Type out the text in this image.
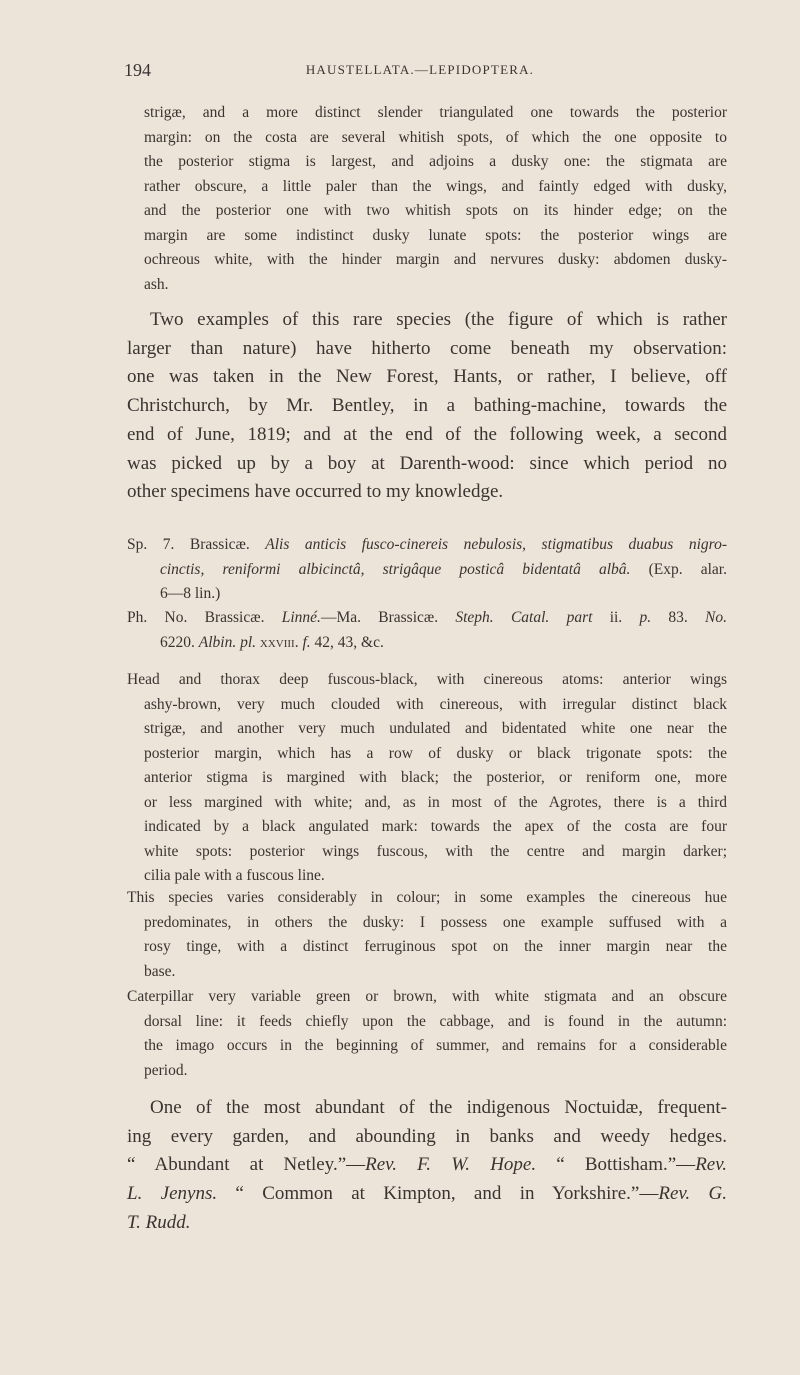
194	HAUSTELLATA.—LEPIDOPTERA.
strigæ, and a more distinct slender triangulated one towards the posterior
margin: on the costa are several whitish spots, of which the one opposite to
the posterior stigma is largest, and adjoins a dusky one: the stigmata are
rather obscure, a little paler than the wings, and faintly edged with dusky,
and the posterior one with two whitish spots on its hinder edge; on the
margin are some indistinct dusky lunate spots: the posterior wings are
ochreous white, with the hinder margin and nervures dusky: abdomen dusky-
ash.
Two examples of this rare species (the figure of which is rather
larger than nature) have hitherto come beneath my observation:
one was taken in the New Forest, Hants, or rather, I believe, off
Christchurch, by Mr. Bentley, in a bathing-machine, towards the
end of June, 1819; and at the end of the following week, a second
was picked up by a boy at Darenth-wood: since which period no
other specimens have occurred to my knowledge.
Sp. 7. Brassicæ. Alis anticis fusco-cinereis nebulosis, stigmatibus duabus nigro-
cinctis, reniformi albicinctâ, strigâque posticâ bidentatâ albâ. (Exp. alar.
6—8 lin.)
Ph. No. Brassicæ. Linné.—Ma. Brassicæ. Steph. Catal. part ii. p. 83. No.
6220. Albin. pl. xxviii. f. 42, 43, &c.
Head and thorax deep fuscous-black, with cinereous atoms: anterior wings
ashy-brown, very much clouded with cinereous, with irregular distinct black
strigæ, and another very much undulated and bidentated white one near the
posterior margin, which has a row of dusky or black trigonate spots: the
anterior stigma is margined with black; the posterior, or reniform one, more
or less margined with white; and, as in most of the Agrotes, there is a third
indicated by a black angulated mark: towards the apex of the costa are four
white spots: posterior wings fuscous, with the centre and margin darker;
cilia pale with a fuscous line.
This species varies considerably in colour; in some examples the cinereous hue
predominates, in others the dusky: I possess one example suffused with a
rosy tinge, with a distinct ferruginous spot on the inner margin near the
base.
Caterpillar very variable green or brown, with white stigmata and an obscure
dorsal line: it feeds chiefly upon the cabbage, and is found in the autumn:
the imago occurs in the beginning of summer, and remains for a considerable
period.
One of the most abundant of the indigenous Noctuidæ, frequent-
ing every garden, and abounding in banks and weedy hedges.
“ Abundant at Netley.”—Rev. F. W. Hope. “ Bottisham.”—Rev.
L. Jenyns. “ Common at Kimpton, and in Yorkshire.”—Rev. G.
T. Rudd.
